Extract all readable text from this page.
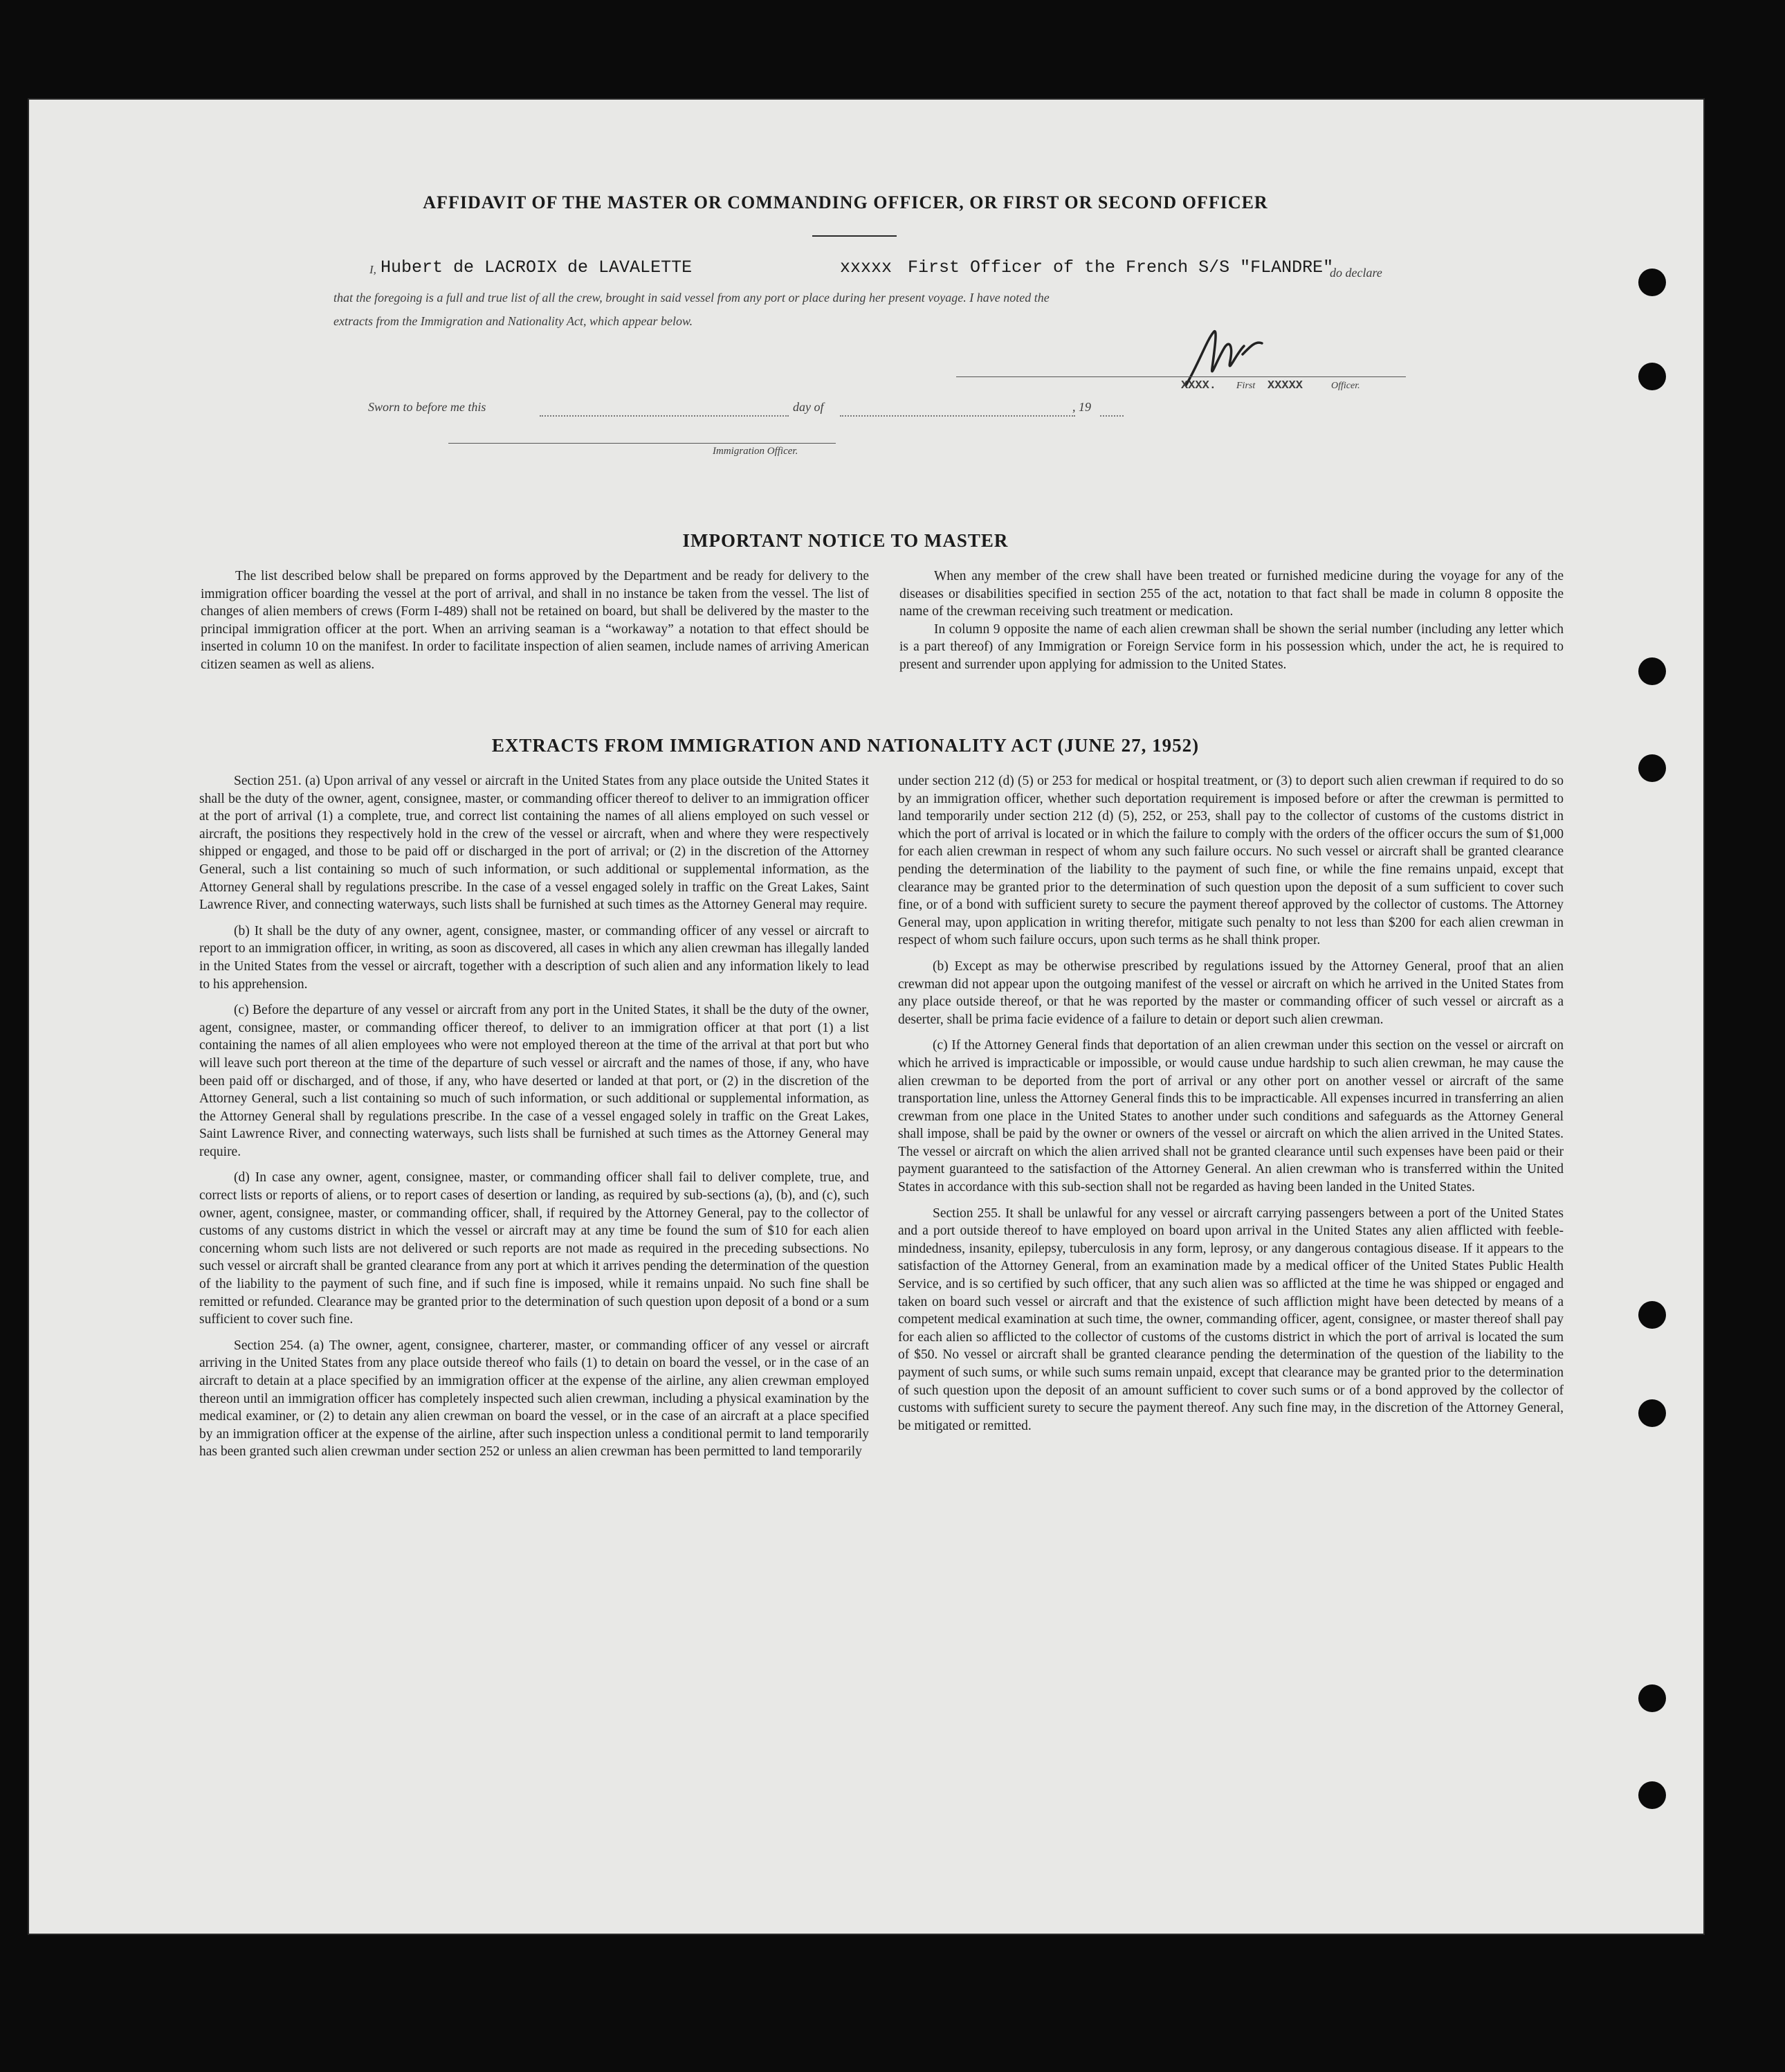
AFFIDAVIT OF THE MASTER OR COMMANDING OFFICER, OR FIRST OR SECOND OFFICER
I, Hubert de LACROIX de LAVALETTE	xxxxx First Officer of the French S/S "FLANDRE"
do declare
that the foregoing is a full and true list of all the crew, brought in said vessel from any port or place during her present voyage. I have noted the
extracts from the Immigration and Nationality Act, which appear below.
XXXX. First XXXXX	Officer.
Sworn to before me this	day of	, 19
Immigration Officer.
IMPORTANT NOTICE TO MASTER

The list described below shall be prepared on forms approved by the Department and be ready for delivery to the immigration officer boarding the vessel at the port of arrival, and shall in no instance be taken from the vessel. The list of changes of alien members of crews (Form I-489) shall not be retained on board, but shall be delivered by the master to the principal immigration officer at the port. When an arriving seaman is a “workaway” a notation to that effect should be inserted in column 10 on the manifest. In order to facilitate inspection of alien seamen, include names of arriving American citizen seamen as well as aliens.

When any member of the crew shall have been treated or furnished medicine during the voyage for any of the diseases or disabilities specified in section 255 of the act, notation to that fact shall be made in column 8 opposite the name of the crewman receiving such treatment or medication.

In column 9 opposite the name of each alien crewman shall be shown the serial number (including any letter which is a part thereof) of any Immigration or Foreign Service form in his possession which, under the act, he is required to present and surrender upon applying for admission to the United States.

EXTRACTS FROM IMMIGRATION AND NATIONALITY ACT (JUNE 27, 1952)

Section 251. (a) Upon arrival of any vessel or aircraft in the United States from any place outside the United States it shall be the duty of the owner, agent, consignee, master, or commanding officer thereof to deliver to an immigration officer at the port of arrival (1) a complete, true, and correct list containing the names of all aliens employed on such vessel or aircraft, the positions they respectively hold in the crew of the vessel or aircraft, when and where they were respectively shipped or engaged, and those to be paid off or discharged in the port of arrival; or (2) in the discretion of the Attorney General, such a list containing so much of such information, or such additional or supplemental information, as the Attorney General shall by regulations prescribe. In the case of a vessel engaged solely in traffic on the Great Lakes, Saint Lawrence River, and connecting waterways, such lists shall be furnished at such times as the Attorney General may require.

(b) It shall be the duty of any owner, agent, consignee, master, or commanding officer of any vessel or aircraft to report to an immigration officer, in writing, as soon as discovered, all cases in which any alien crewman has illegally landed in the United States from the vessel or aircraft, together with a description of such alien and any information likely to lead to his apprehension.

(c) Before the departure of any vessel or aircraft from any port in the United States, it shall be the duty of the owner, agent, consignee, master, or commanding officer thereof, to deliver to an immigration officer at that port (1) a list containing the names of all alien employees who were not employed thereon at the time of the arrival at that port but who will leave such port thereon at the time of the departure of such vessel or aircraft and the names of those, if any, who have been paid off or discharged, and of those, if any, who have deserted or landed at that port, or (2) in the discretion of the Attorney General, such a list containing so much of such information, or such additional or supplemental information, as the Attorney General shall by regulations prescribe. In the case of a vessel engaged solely in traffic on the Great Lakes, Saint Lawrence River, and connecting waterways, such lists shall be furnished at such times as the Attorney General may require.

(d) In case any owner, agent, consignee, master, or commanding officer shall fail to deliver complete, true, and correct lists or reports of aliens, or to report cases of desertion or landing, as required by sub-sections (a), (b), and (c), such owner, agent, consignee, master, or commanding officer, shall, if required by the Attorney General, pay to the collector of customs of any customs district in which the vessel or aircraft may at any time be found the sum of $10 for each alien concerning whom such lists are not delivered or such reports are not made as required in the preceding subsections. No such vessel or aircraft shall be granted clearance from any port at which it arrives pending the determination of the question of the liability to the payment of such fine, and if such fine is imposed, while it remains unpaid. No such fine shall be remitted or refunded. Clearance may be granted prior to the determination of such question upon deposit of a bond or a sum sufficient to cover such fine.

Section 254. (a) The owner, agent, consignee, charterer, master, or commanding officer of any vessel or aircraft arriving in the United States from any place outside thereof who fails (1) to detain on board the vessel, or in the case of an aircraft to detain at a place specified by an immigration officer at the expense of the airline, any alien crewman employed thereon until an immigration officer has completely inspected such alien crewman, including a physical examination by the medical examiner, or (2) to detain any alien crewman on board the vessel, or in the case of an aircraft at a place specified by an immigration officer at the expense of the airline, after such inspection unless a conditional permit to land temporarily has been granted such alien crewman under section 252 or unless an alien crewman has been permitted to land temporarily

under section 212 (d) (5) or 253 for medical or hospital treatment, or (3) to deport such alien crewman if required to do so by an immigration officer, whether such deportation requirement is imposed before or after the crewman is permitted to land temporarily under section 212 (d) (5), 252, or 253, shall pay to the collector of customs of the customs district in which the port of arrival is located or in which the failure to comply with the orders of the officer occurs the sum of $1,000 for each alien crewman in respect of whom any such failure occurs. No such vessel or aircraft shall be granted clearance pending the determination of the liability to the payment of such fine, or while the fine remains unpaid, except that clearance may be granted prior to the determination of such question upon the deposit of a sum sufficient to cover such fine, or of a bond with sufficient surety to secure the payment thereof approved by the collector of customs. The Attorney General may, upon application in writing therefor, mitigate such penalty to not less than $200 for each alien crewman in respect of whom such failure occurs, upon such terms as he shall think proper.

(b) Except as may be otherwise prescribed by regulations issued by the Attorney General, proof that an alien crewman did not appear upon the outgoing manifest of the vessel or aircraft on which he arrived in the United States from any place outside thereof, or that he was reported by the master or commanding officer of such vessel or aircraft as a deserter, shall be prima facie evidence of a failure to detain or deport such alien crewman.

(c) If the Attorney General finds that deportation of an alien crewman under this section on the vessel or aircraft on which he arrived is impracticable or impossible, or would cause undue hardship to such alien crewman, he may cause the alien crewman to be deported from the port of arrival or any other port on another vessel or aircraft of the same transportation line, unless the Attorney General finds this to be impracticable. All expenses incurred in transferring an alien crewman from one place in the United States to another under such conditions and safeguards as the Attorney General shall impose, shall be paid by the owner or owners of the vessel or aircraft on which the alien arrived in the United States. The vessel or aircraft on which the alien arrived shall not be granted clearance until such expenses have been paid or their payment guaranteed to the satisfaction of the Attorney General. An alien crewman who is transferred within the United States in accordance with this sub-section shall not be regarded as having been landed in the United States.

Section 255. It shall be unlawful for any vessel or aircraft carrying passengers between a port of the United States and a port outside thereof to have employed on board upon arrival in the United States any alien afflicted with feeble-mindedness, insanity, epilepsy, tuberculosis in any form, leprosy, or any dangerous contagious disease. If it appears to the satisfaction of the Attorney General, from an examination made by a medical officer of the United States Public Health Service, and is so certified by such officer, that any such alien was so afflicted at the time he was shipped or engaged and taken on board such vessel or aircraft and that the existence of such affliction might have been detected by means of a competent medical examination at such time, the owner, commanding officer, agent, consignee, or master thereof shall pay for each alien so afflicted to the collector of customs of the customs district in which the port of arrival is located the sum of $50. No vessel or aircraft shall be granted clearance pending the determination of the question of the liability to the payment of such sums, or while such sums remain unpaid, except that clearance may be granted prior to the determination of such question upon the deposit of an amount sufficient to cover such sums or of a bond approved by the collector of customs with sufficient surety to secure the payment thereof. Any such fine may, in the discretion of the Attorney General, be mitigated or remitted.
